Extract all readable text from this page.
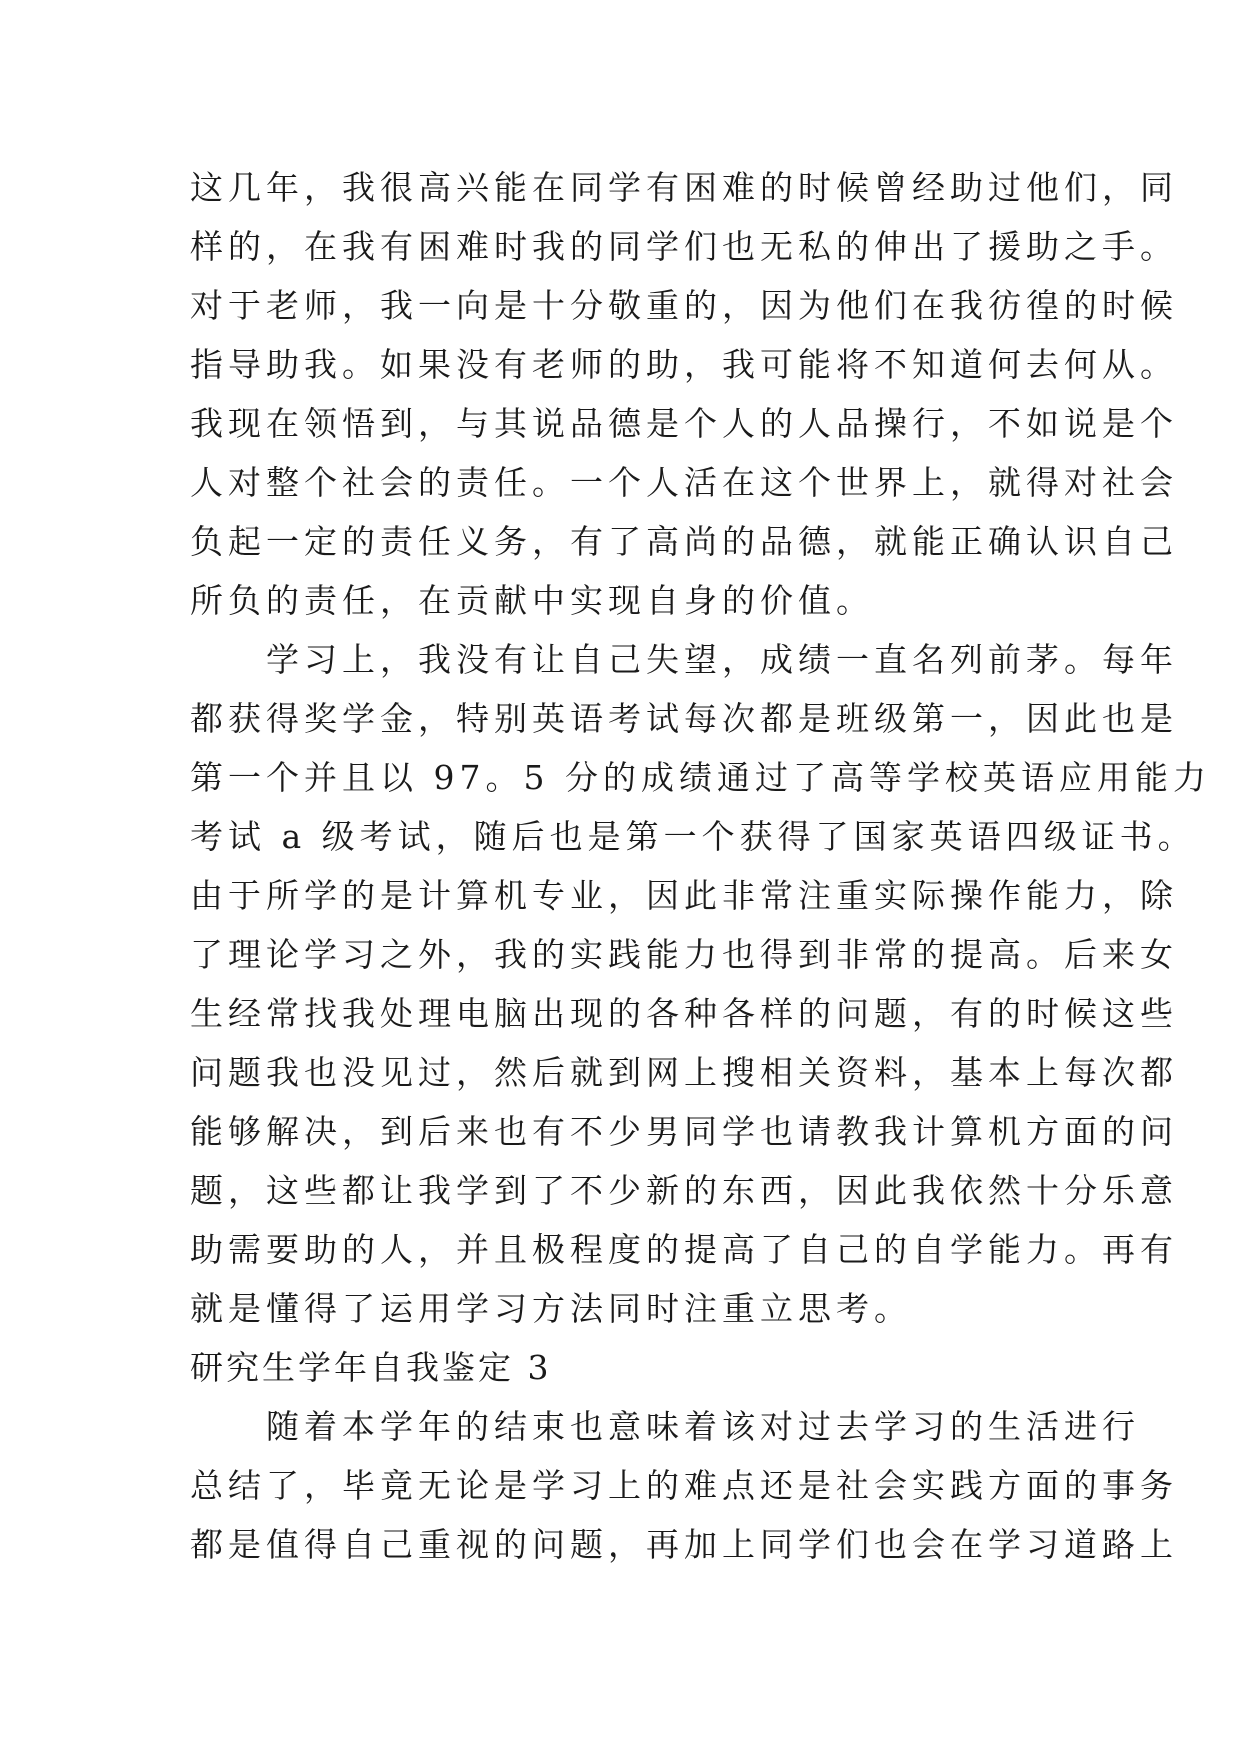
这几年，我很高兴能在同学有困难的时候曾经助过他们，同
样的，在我有困难时我的同学们也无私的伸出了援助之手。
对于老师，我一向是十分敬重的，因为他们在我彷徨的时候
指导助我。如果没有老师的助，我可能将不知道何去何从。
我现在领悟到，与其说品德是个人的人品操行，不如说是个
人对整个社会的责任。一个人活在这个世界上，就得对社会
负起一定的责任义务，有了高尚的品德，就能正确认识自己
所负的责任，在贡献中实现自身的价值。
　　学习上，我没有让自己失望，成绩一直名列前茅。每年
都获得奖学金，特别英语考试每次都是班级第一，因此也是
第一个并且以 97。5 分的成绩通过了高等学校英语应用能力
考试 a 级考试，随后也是第一个获得了国家英语四级证书。
由于所学的是计算机专业，因此非常注重实际操作能力，除
了理论学习之外，我的实践能力也得到非常的提高。后来女
生经常找我处理电脑出现的各种各样的问题，有的时候这些
问题我也没见过，然后就到网上搜相关资料，基本上每次都
能够解决，到后来也有不少男同学也请教我计算机方面的问
题，这些都让我学到了不少新的东西，因此我依然十分乐意
助需要助的人，并且极程度的提高了自己的自学能力。再有
就是懂得了运用学习方法同时注重立思考。
研究生学年自我鉴定 3
　　随着本学年的结束也意味着该对过去学习的生活进行
总结了，毕竟无论是学习上的难点还是社会实践方面的事务
都是值得自己重视的问题，再加上同学们也会在学习道路上
